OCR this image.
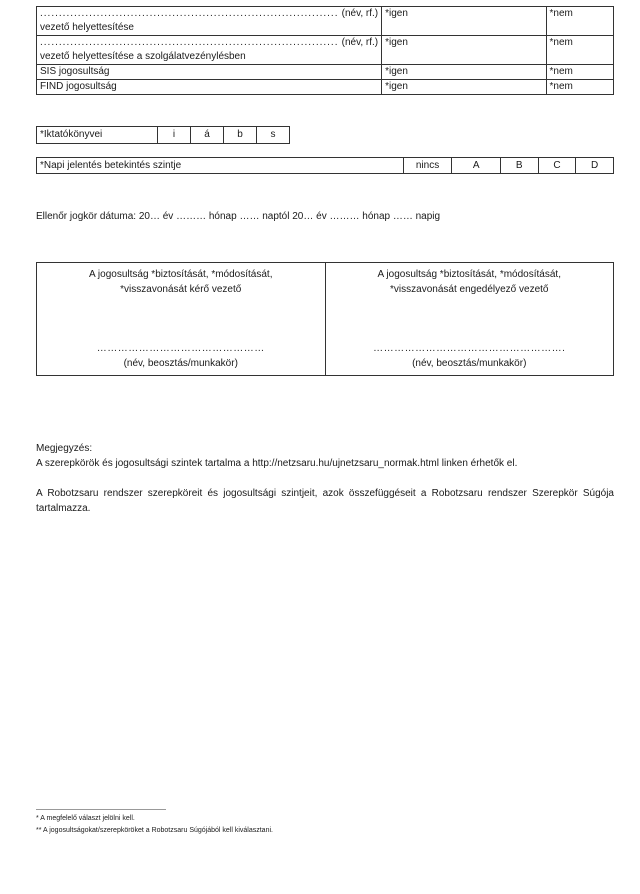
.....
(név, rf.)
vezető helyettesítése	*igen	*nem

.....
(név, rf.)
vezető helyettesítése a szolgálatvezénylésben	*igen	*nem
SIS jogosultság	*igen	*nem
FIND jogosultság	*igen	*nem
*Iktatókönyvei	i	á	b	s
*Napi jelentés betekintés szintje	nincs	A	B	C	D
Ellenőr jogkör dátuma: 20… év ……… hónap …… naptól 20… év ……… hónap …… napig
A jogosultság *biztosítását, *módosítását,
*visszavonását kérő vezető
…………………………………………
(név, beosztás/munkakör)

A jogosultság *biztosítását, *módosítását,
*visszavonását engedélyező vezető
……………………………………………….
(név, beosztás/munkakör)

Megjegyzés:

A szerepkörök és jogosultsági szintek tartalma a http://netzsaru.hu/ujnetzsaru_normak.html linken érhetők el.

A Robotzsaru rendszer szerepköreit és jogosultsági szintjeit, azok összefüggéseit a Robotzsaru rendszer Szerepkör Súgója tartalmazza.

* A megfelelő választ jelölni kell.

** A jogosultságokat/szerepköröket a Robotzsaru Súgójából kell kiválasztani.
